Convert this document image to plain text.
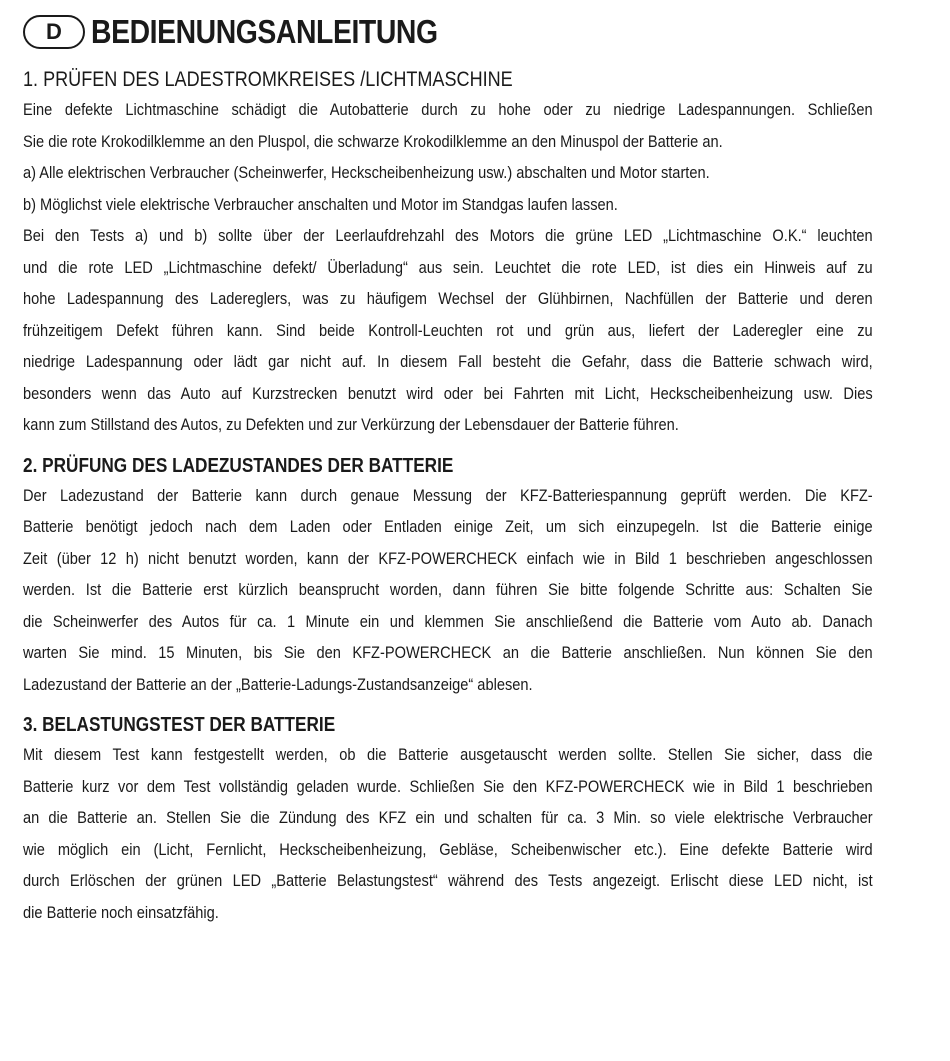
D BEDIENUNGSANLEITUNG
1. PRÜFEN DES LADESTROMKREISES /LICHTMASCHINE
Eine defekte Lichtmaschine schädigt die Autobatterie durch zu hohe oder zu niedrige Ladespannungen. Schließen
Sie die rote Krokodilklemme an den Pluspol, die schwarze Krokodilklemme an den Minuspol der Batterie an.
a) Alle elektrischen Verbraucher (Scheinwerfer, Heckscheibenheizung usw.) abschalten und Motor starten.
b) Möglichst viele elektrische Verbraucher anschalten und Motor im Standgas laufen lassen.
Bei den Tests a) und b) sollte über der Leerlaufdrehzahl des Motors die grüne LED „Lichtmaschine O.K.“ leuchten
und die rote LED „Lichtmaschine defekt/ Überladung“ aus sein. Leuchtet die rote LED, ist dies ein Hinweis auf zu
hohe Ladespannung des Ladereglers, was zu häufigem Wechsel der Glühbirnen, Nachfüllen der Batterie und deren
frühzeitigem Defekt führen kann. Sind beide Kontroll-Leuchten rot und grün aus, liefert der Laderegler eine zu
niedrige Ladespannung oder lädt gar nicht auf. In diesem Fall besteht die Gefahr, dass die Batterie schwach wird,
besonders wenn das Auto auf Kurzstrecken benutzt wird oder bei Fahrten mit Licht, Heckscheibenheizung usw. Dies
kann zum Stillstand des Autos, zu Defekten und zur Verkürzung der Lebensdauer der Batterie führen.
2. PRÜFUNG DES LADEZUSTANDES DER BATTERIE
Der Ladezustand der Batterie kann durch genaue Messung der KFZ-Batteriespannung geprüft werden. Die KFZ-
Batterie benötigt jedoch nach dem Laden oder Entladen einige Zeit, um sich einzupegeln. Ist die Batterie einige
Zeit (über 12 h) nicht benutzt worden, kann der KFZ-POWERCHECK einfach wie in Bild 1 beschrieben angeschlossen
werden. Ist die Batterie erst kürzlich beansprucht worden, dann führen Sie bitte folgende Schritte aus: Schalten Sie
die Scheinwerfer des Autos für ca. 1 Minute ein und klemmen Sie anschließend die Batterie vom Auto ab. Danach
warten Sie mind. 15 Minuten, bis Sie den KFZ-POWERCHECK an die Batterie anschließen. Nun können Sie den
Ladezustand der Batterie an der „Batterie-Ladungs-Zustandsanzeige“ ablesen.
3. BELASTUNGSTEST DER BATTERIE
Mit diesem Test kann festgestellt werden, ob die Batterie ausgetauscht werden sollte. Stellen Sie sicher, dass die
Batterie kurz vor dem Test vollständig geladen wurde. Schließen Sie den KFZ-POWERCHECK wie in Bild 1 beschrieben
an die Batterie an. Stellen Sie die Zündung des KFZ ein und schalten für ca. 3 Min. so viele elektrische Verbraucher
wie möglich ein (Licht, Fernlicht, Heckscheibenheizung, Gebläse, Scheibenwischer etc.). Eine defekte Batterie wird
durch Erlöschen der grünen LED „Batterie Belastungstest“ während des Tests angezeigt. Erlischt diese LED nicht, ist
die Batterie noch einsatzfähig.
